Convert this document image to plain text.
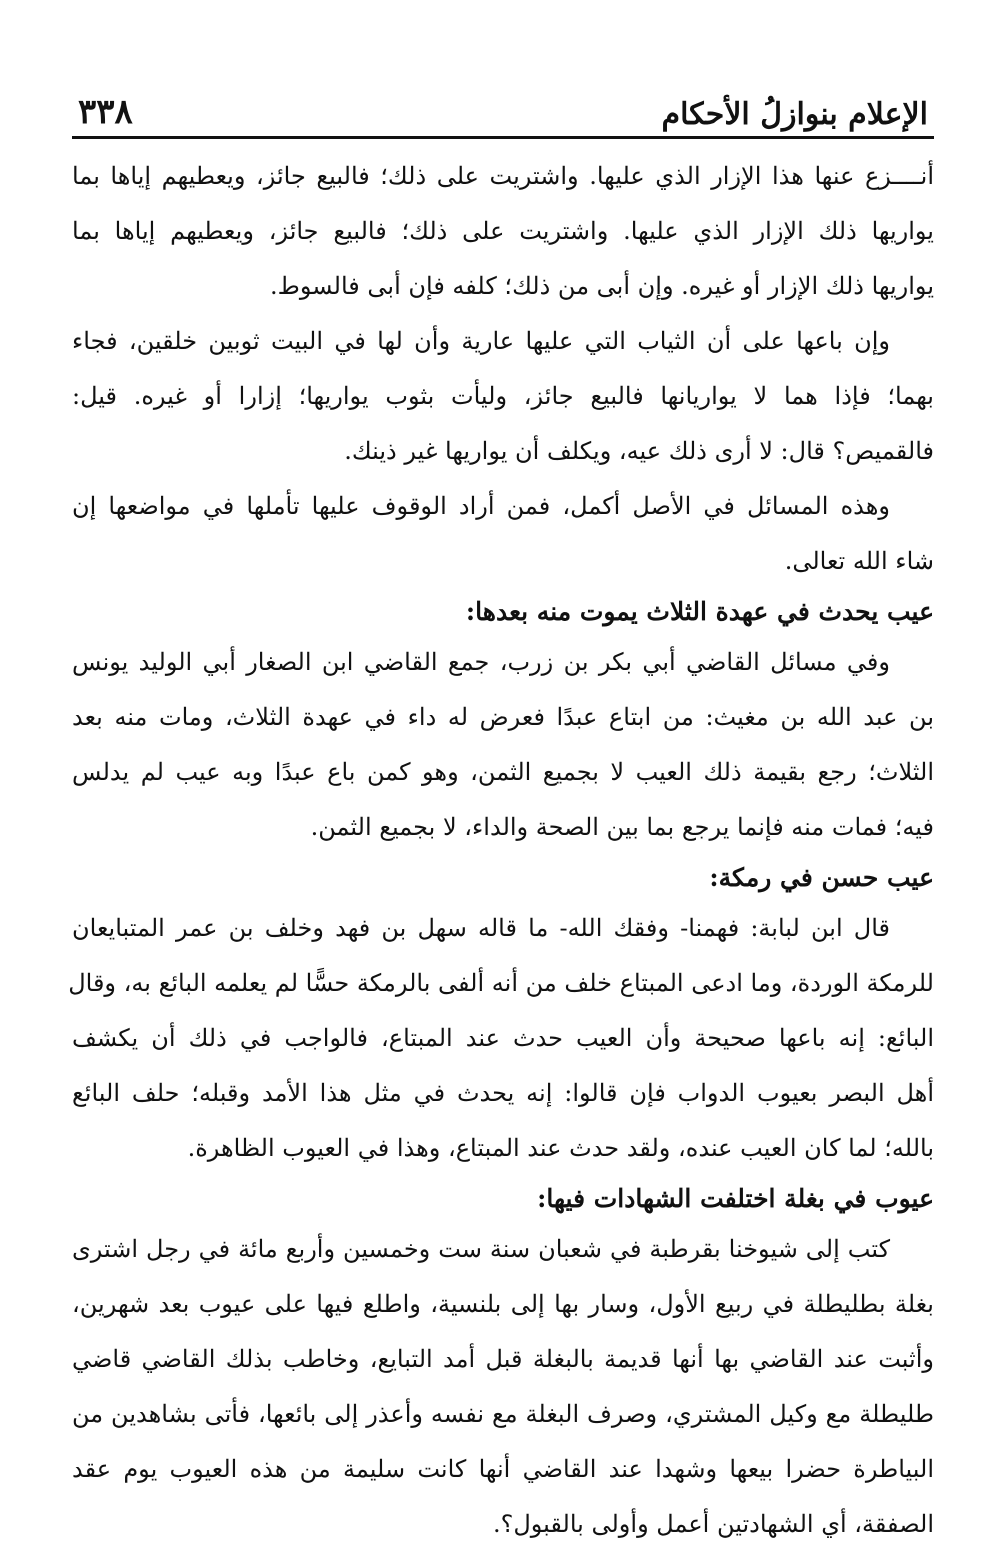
الإعلام بنوازلُ الأحكام
٣٣٨
أنــــزع عنها هذا الإزار الذي عليها. واشتريت على ذلك؛ فالبيع جائز، ويعطيهم إياها بما
يواريها ذلك الإزار الذي عليها. واشتريت على ذلك؛ فالبيع جائز، ويعطيهم إياها بما
يواريها ذلك الإزار أو غيره. وإن أبى من ذلك؛ كلفه فإن أبى فالسوط.
وإن باعها على أن الثياب التي عليها عارية وأن لها في البيت ثوبين خلقين، فجاء
بهما؛ فإذا هما لا يواريانها فالبيع جائز، وليأت بثوب يواريها؛ إزارا أو غيره. قيل:
فالقميص؟ قال: لا أرى ذلك عيه، ويكلف أن يواريها غير ذينك.
وهذه المسائل في الأصل أكمل، فمن أراد الوقوف عليها تأملها في مواضعها إن
شاء الله تعالى.
عيب يحدث في عهدة الثلاث يموت منه بعدها:
وفي مسائل القاضي أبي بكر بن زرب، جمع القاضي ابن الصغار أبي الوليد يونس
بن عبد الله بن مغيث: من ابتاع عبدًا فعرض له داء في عهدة الثلاث، ومات منه بعد
الثلاث؛ رجع بقيمة ذلك العيب لا بجميع الثمن، وهو كمن باع عبدًا وبه عيب لم يدلس
فيه؛ فمات منه فإنما يرجع بما بين الصحة والداء، لا بجميع الثمن.
عيب حسن في رمكة:
قال ابن لبابة: فهمنا- وفقك الله- ما قاله سهل بن فهد وخلف بن عمر المتبايعان
للرمكة الوردة، وما ادعى المبتاع خلف من أنه ألفى بالرمكة حسًّا لم يعلمه البائع به، وقال
البائع: إنه باعها صحيحة وأن العيب حدث عند المبتاع، فالواجب في ذلك أن يكشف
أهل البصر بعيوب الدواب فإن قالوا: إنه يحدث في مثل هذا الأمد وقبله؛ حلف البائع
بالله؛ لما كان العيب عنده، ولقد حدث عند المبتاع، وهذا في العيوب الظاهرة.
عيوب في بغلة اختلفت الشهادات فيها:
كتب إلى شيوخنا بقرطبة في شعبان سنة ست وخمسين وأربع مائة في رجل اشترى
بغلة بطليطلة في ربيع الأول، وسار بها إلى بلنسية، واطلع فيها على عيوب بعد شهرين،
وأثبت عند القاضي بها أنها قديمة بالبغلة قبل أمد التبايع، وخاطب بذلك القاضي قاضي
طليطلة مع وكيل المشتري، وصرف البغلة مع نفسه وأعذر إلى بائعها، فأتى بشاهدين من
البياطرة حضرا بيعها وشهدا عند القاضي أنها كانت سليمة من هذه العيوب يوم عقد
الصفقة، أي الشهادتين أعمل وأولى بالقبول؟.
